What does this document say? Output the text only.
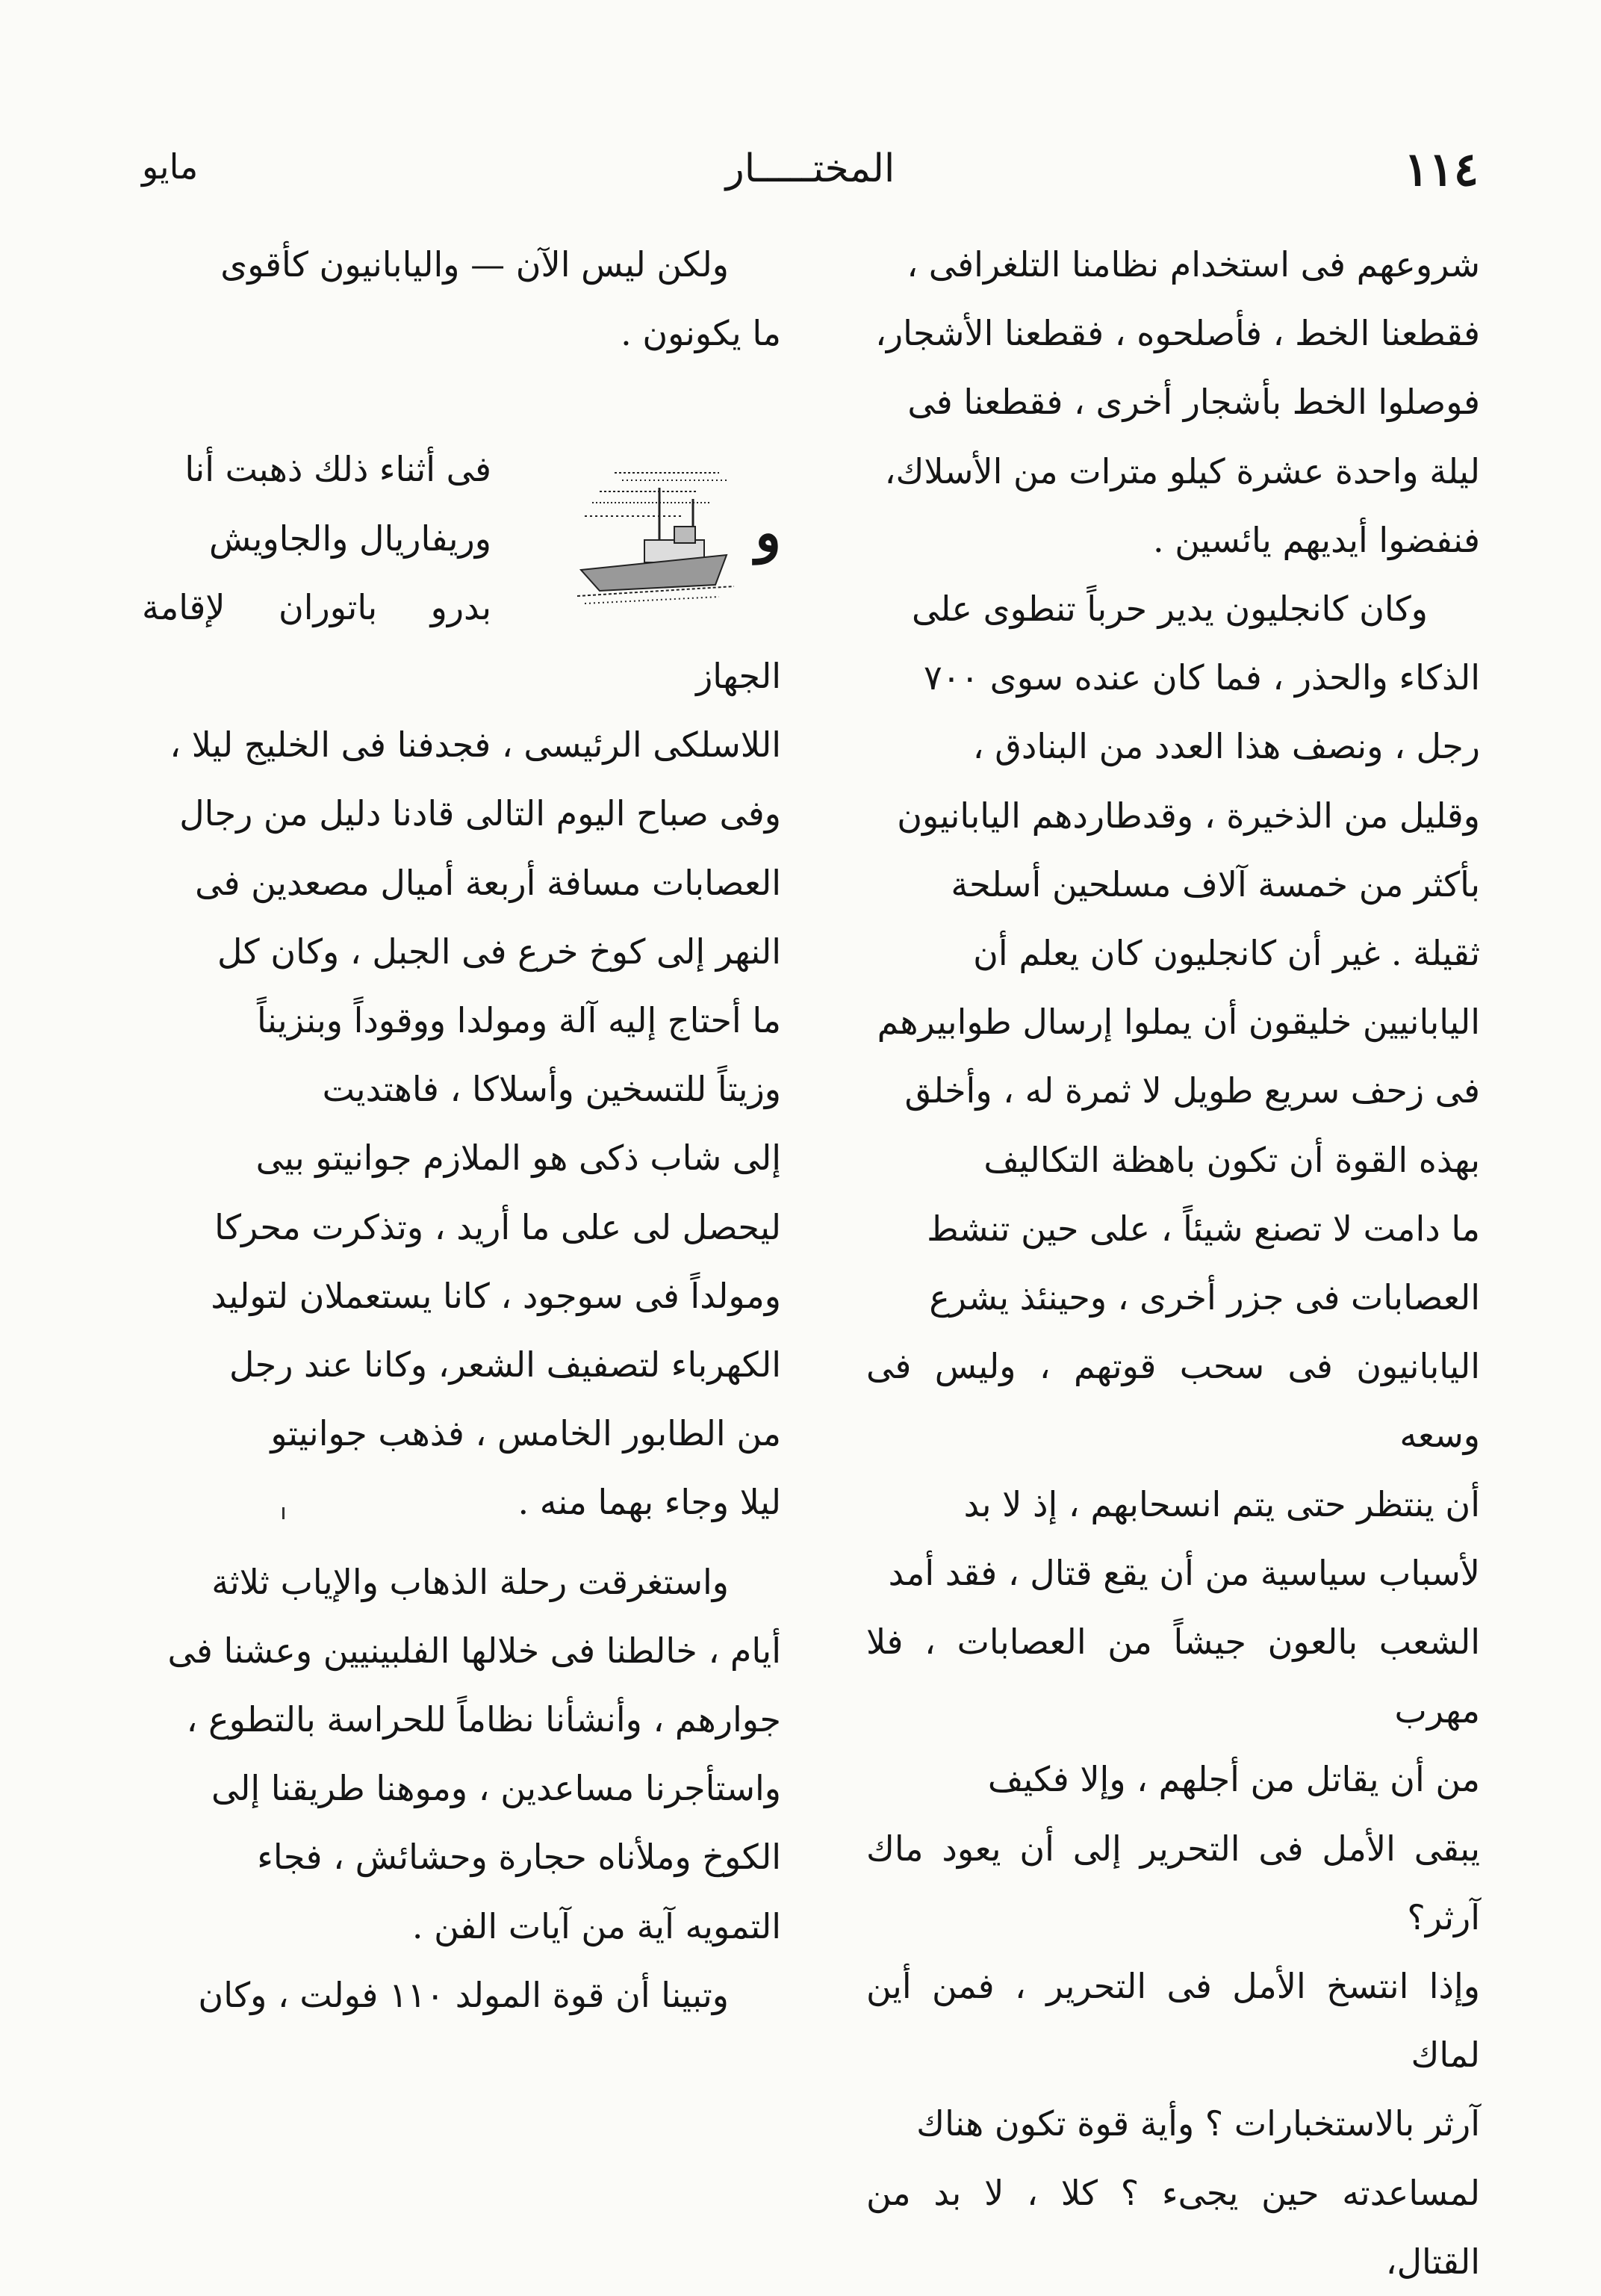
مايو	المختـــــار	١١٤

شروعهم فى استخدام نظامنا التلغرافى ،

فقطعنا الخط ، فأصلحوه ، فقطعنا الأشجار،

فوصلوا الخط بأشجار أخرى ، فقطعنا فى

ليلة واحدة عشرة كيلو مترات من الأسلاك،

فنفضوا أيديهم يائسين .

وكان كانجليون يدير حرباً تنطوى على

الذكاء والحذر ، فما كان عنده سوى ٧٠٠

رجل ، ونصف هذا العدد من البنادق ،

وقليل من الذخيرة ، وقدطاردهم اليابانيون

بأكثر من خمسة آلاف مسلحين أسلحة

ثقيلة . غير أن كانجليون كان يعلم أن

اليابانيين خليقون أن يملوا إرسال طوابيرهم

فى زحف سريع طويل لا ثمرة له ، وأخلق

بهذه القوة أن تكون باهظة التكاليف

ما دامت لا تصنع شيئاً ، على حين تنشط

العصابات فى جزر أخرى ، وحينئذ يشرع

اليابانيون فى سحب قوتهم ، وليس فى وسعه

أن ينتظر حتى يتم انسحابهم ، إذ لا بد

لأسباب سياسية من أن يقع قتال ، فقد أمد

الشعب بالعون جيشاً من العصابات ، فلا مهرب

من أن يقاتل من أجلهم ، وإلا فكيف

يبقى الأمل فى التحرير إلى أن يعود ماك آرثر؟

وإذا انتسخ الأمل فى التحرير ، فمن أين لماك

آرثر بالاستخبارات ؟ وأية قوة تكون هناك

لمساعدته حين يجىء ؟ كلا ، لا بد من القتال،

ولكن ليس الآن — واليابانيون كأقوى

ما يكونون .

و

فى أثناء ذلك ذهبت أنا

وريفاريال والجاويش

بدرو باتوران لإقامة الجهاز

اللاسلكى الرئيسى ، فجدفنا فى الخليج ليلا ،

وفى صباح اليوم التالى قادنا دليل من رجال

العصابات مسافة أربعة أميال مصعدين فى

النهر إلى كوخ خرع فى الجبل ، وكان كل

ما أحتاج إليه آلة ومولدا ووقوداً وبنزيناً

وزيتاً للتسخين وأسلاكا ، فاهتديت

إلى شاب ذكى هو الملازم جوانيتو بيى

ليحصل لى على ما أريد ، وتذكرت محركا

ومولداً فى سوجود ، كانا يستعملان لتوليد

الكهرباء لتصفيف الشعر، وكانا عند رجل

من الطابور الخامس ، فذهب جوانيتو

ليلا وجاء بهما منه .

واستغرقت رحلة الذهاب والإياب ثلاثة

أيام ، خالطنا فى خلالها الفلبينيين وعشنا فى

جوارهم ، وأنشأنا نظاماً للحراسة بالتطوع ،

واستأجرنا مساعدين ، وموهنا طريقنا إلى

الكوخ وملأناه حجارة وحشائش ، فجاء

التمويه آية من آيات الفن .

وتبينا أن قوة المولد ١١٠ فولت ، وكان
